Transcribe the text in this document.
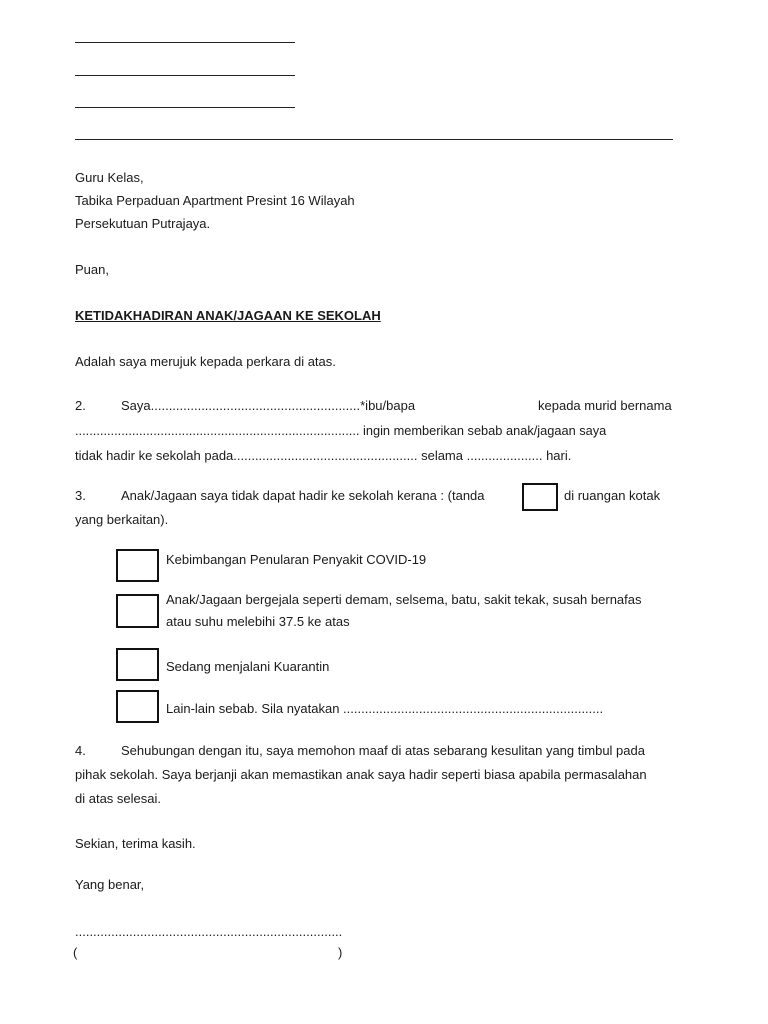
Guru Kelas,
Tabika Perpaduan Apartment Presint 16 Wilayah
Persekutuan Putrajaya.
Puan,
KETIDAKHADIRAN ANAK/JAGAAN KE SEKOLAH
Adalah saya merujuk kepada perkara di atas.
2.	Saya..........................................................*ibu/bapa	kepada murid bernama
................................................................................ ingin memberikan sebab anak/jagaan saya
tidak hadir ke sekolah pada................................................... selama ..................... hari.
3.	Anak/Jagaan saya tidak dapat hadir ke sekolah kerana : (tanda	di ruangan kotak
yang berkaitan).
Kebimbangan Penularan Penyakit COVID-19
Anak/Jagaan bergejala seperti demam, selsema, batu, sakit tekak, susah bernafas
atau suhu melebihi 37.5 ke atas
Sedang menjalani Kuarantin
Lain-lain sebab. Sila nyatakan ........................................................................
4.	Sehubungan dengan itu, saya memohon maaf di atas sebarang kesulitan yang timbul pada
pihak sekolah. Saya berjanji akan memastikan anak saya hadir seperti biasa apabila permasalahan
di atas selesai.
Sekian, terima kasih.
Yang benar,
..........................................................................
(	)
